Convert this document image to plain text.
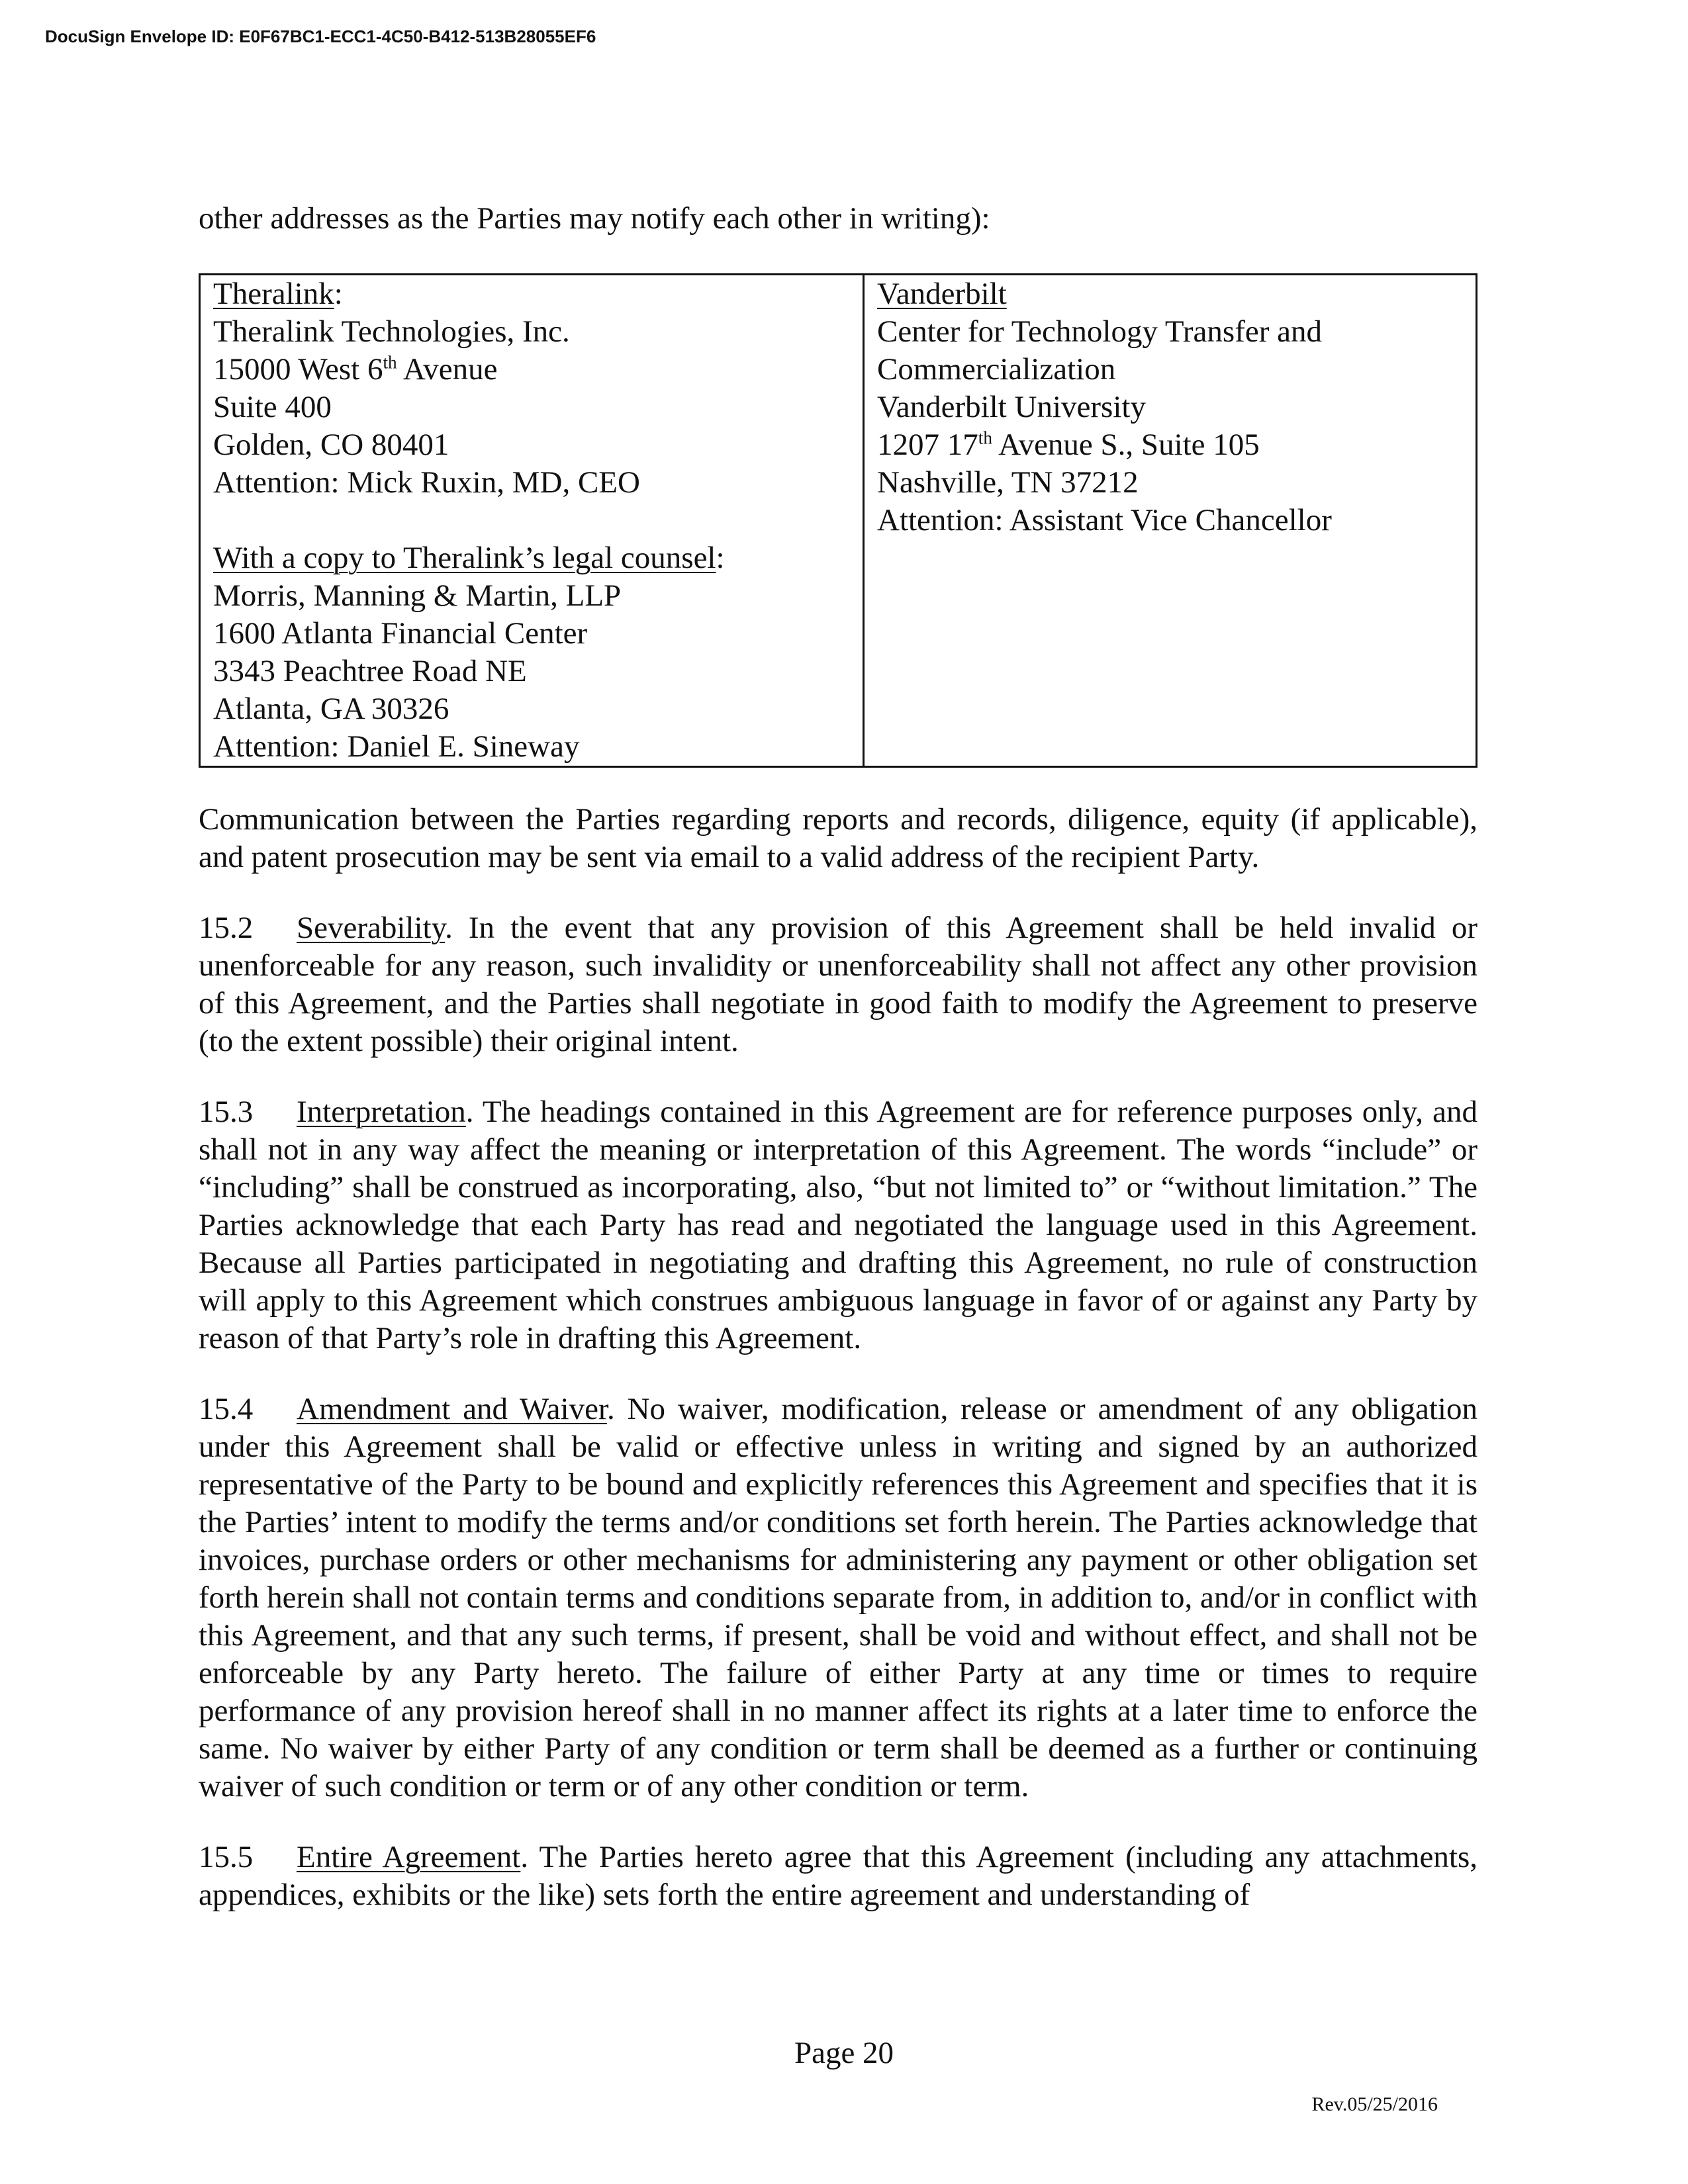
DocuSign Envelope ID: E0F67BC1-ECC1-4C50-B412-513B28055EF6

other addresses as the Parties may notify each other in writing):

Theralink:
Theralink Technologies, Inc.
15000 West 6th Avenue
Suite 400
Golden, CO 80401
Attention: Mick Ruxin, MD, CEO
With a copy to Theralink’s legal counsel:
Morris, Manning & Martin, LLP
1600 Atlanta Financial Center
3343 Peachtree Road NE
Atlanta, GA 30326
Attention: Daniel E. Sineway

Vanderbilt
Center for Technology Transfer and
Commercialization
Vanderbilt University
1207 17th Avenue S., Suite 105
Nashville, TN 37212
Attention: Assistant Vice Chancellor

Communication between the Parties regarding reports and records, diligence, equity (if applicable), and patent prosecution may be sent via email to a valid address of the recipient Party.

15.2 Severability. In the event that any provision of this Agreement shall be held invalid or unenforceable for any reason, such invalidity or unenforceability shall not affect any other provision of this Agreement, and the Parties shall negotiate in good faith to modify the Agreement to preserve (to the extent possible) their original intent.

15.3 Interpretation. The headings contained in this Agreement are for reference purposes only, and shall not in any way affect the meaning or interpretation of this Agreement. The words “include” or “including” shall be construed as incorporating, also, “but not limited to” or “without limitation.” The Parties acknowledge that each Party has read and negotiated the language used in this Agreement. Because all Parties participated in negotiating and drafting this Agreement, no rule of construction will apply to this Agreement which construes ambiguous language in favor of or against any Party by reason of that Party’s role in drafting this Agreement.

15.4 Amendment and Waiver. No waiver, modification, release or amendment of any obligation under this Agreement shall be valid or effective unless in writing and signed by an authorized representative of the Party to be bound and explicitly references this Agreement and specifies that it is the Parties’ intent to modify the terms and/or conditions set forth herein. The Parties acknowledge that invoices, purchase orders or other mechanisms for administering any payment or other obligation set forth herein shall not contain terms and conditions separate from, in addition to, and/or in conflict with this Agreement, and that any such terms, if present, shall be void and without effect, and shall not be enforceable by any Party hereto. The failure of either Party at any time or times to require performance of any provision hereof shall in no manner affect its rights at a later time to enforce the same. No waiver by either Party of any condition or term shall be deemed as a further or continuing waiver of such condition or term or of any other condition or term.

15.5 Entire Agreement. The Parties hereto agree that this Agreement (including any attachments, appendices, exhibits or the like) sets forth the entire agreement and understanding of

Page 20
Rev.05/25/2016
